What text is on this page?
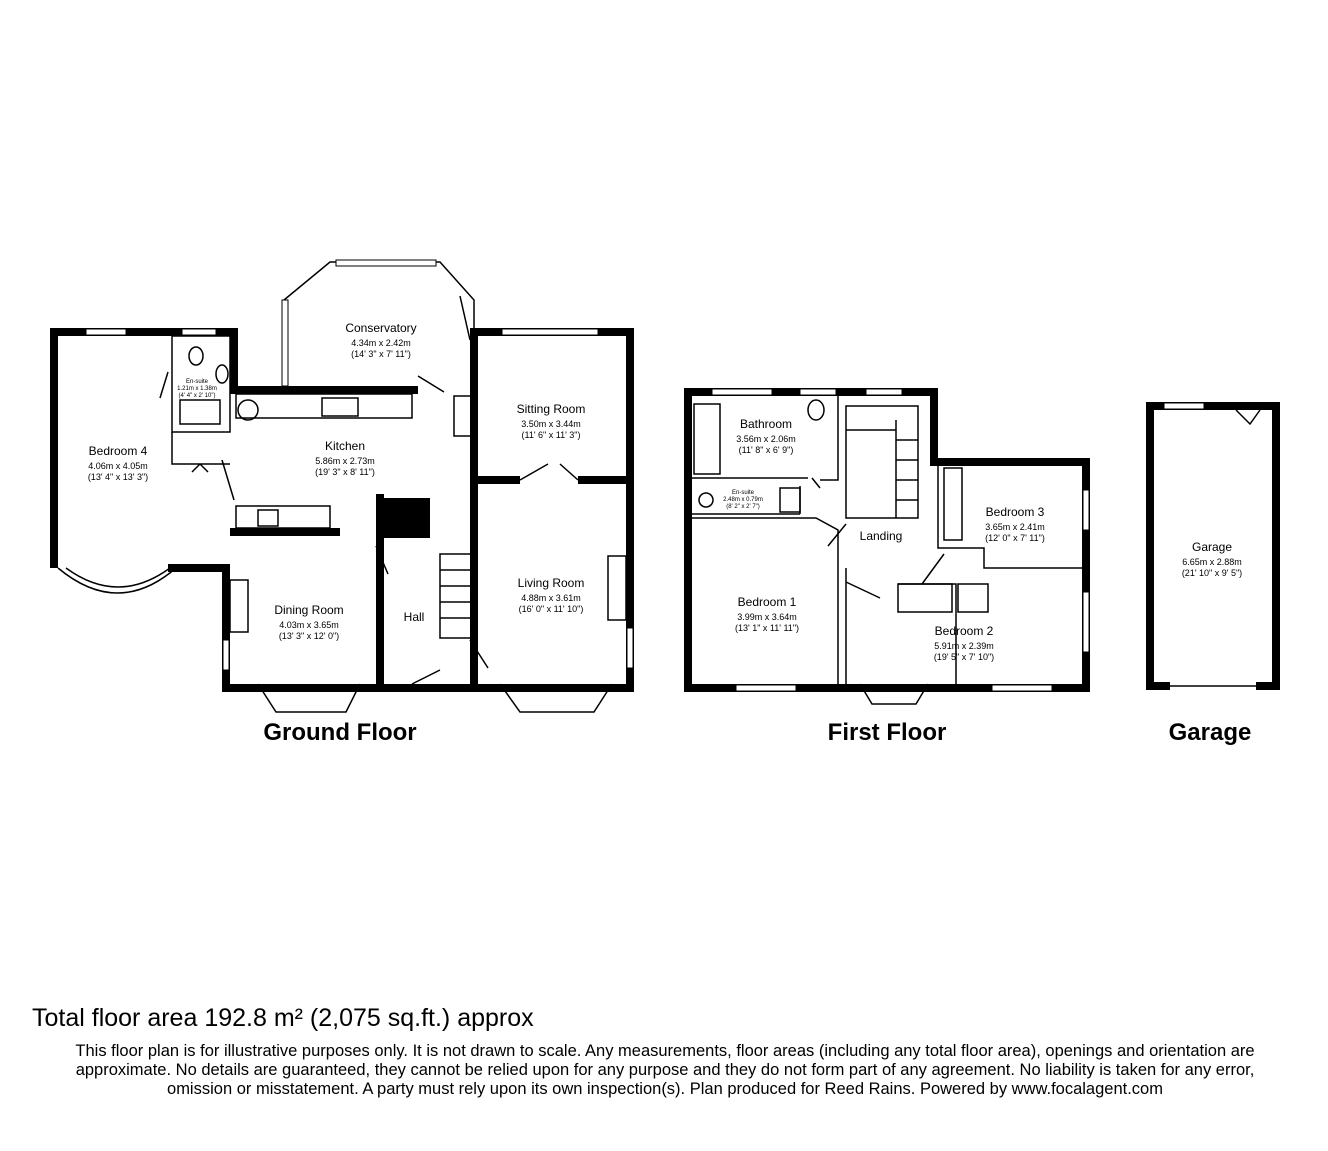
Bedroom 4
4.06m x 4.05m
(13' 4" x 13' 3")
En-suite
1.21m x 1.38m
(4' 4" x 2' 10")
Conservatory
4.34m x 2.42m
(14' 3" x 7' 11")
Kitchen
5.86m x 2.73m
(19' 3" x 8' 11")
Sitting Room
3.50m x 3.44m
(11' 6" x 11' 3")
Dining Room
4.03m x 3.65m
(13' 3" x 12' 0")
Hall
Living Room
4.88m x 3.61m
(16' 0" x 11' 10")
Bathroom
3.56m x 2.06m
(11' 8" x 6' 9")
En-suite
2.48m x 0.79m
(8' 2" x 2' 7")
Landing
Bedroom 3
3.65m x 2.41m
(12' 0" x 7' 11")
Bedroom 1
3.99m x 3.64m
(13' 1" x 11' 11")	Bedroom 2
5.91m x 2.39m
(19' 5" x 7' 10")
Garage
6.65m x 2.88m
(21' 10" x 9' 5")
Ground Floor	First Floor	Garage

Total floor area 192.8 m² (2,075 sq.ft.) approx

This floor plan is for illustrative purposes only. It is not drawn to scale. Any measurements, floor areas (including any total floor area), openings and orientation are approximate. No details are guaranteed, they cannot be relied upon for any purpose and they do not form part of any agreement. No liability is taken for any error, omission or misstatement. A party must rely upon its own inspection(s). Plan produced for Reed Rains. Powered by www.focalagent.com
